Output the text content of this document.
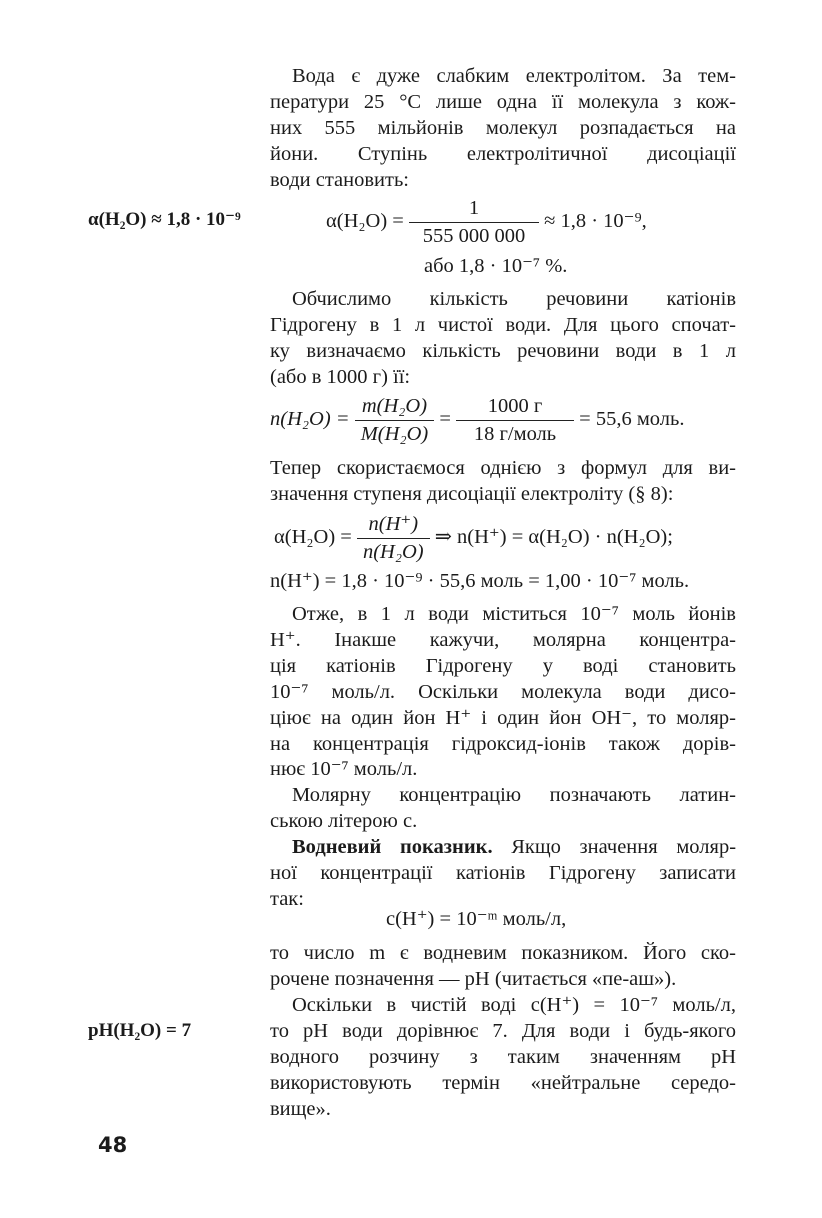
Вода є дуже слабким електролітом. За тем-
ператури 25 °С лише одна її молекула з кож-
них 555 мільйонів молекул розпадається на
йони. Ступінь електролітичної дисоціації
води становить:
α(H₂O) ≈ 1,8 · 10⁻⁹	$\alpha(H_2O) = \frac{1}{555 000 000} \approx 1,8 \cdot 10^{-9}$,
або 1,8 · 10⁻⁷ %.
Обчислимо кількість речовини катіонів
Гідрогену в 1 л чистої води. Для цього спочат-
ку визначаємо кількість речовини води в 1 л
(або в 1000 г) її:
$n(H_2O) = \frac{\text{m(H₂O)}}{\text{M(H₂O)}} = \frac{1000 г}{\text{18 г/моль}} = 55,6$ моль.
Тепер скористаємося однією з формул для ви-
значення ступеня дисоціації електроліту (§ 8):
$\alpha(H_2O) = \frac{n(H^+)}{\text{n(H₂O)}}$ ⇒ n(H⁺) = α(H₂O) · n(H₂O);
n(H⁺) = 1,8 · 10⁻⁹ · 55,6 моль = 1,00 · 10⁻⁷ моль.
Отже, в 1 л води міститься 10⁻⁷ моль йонів
H⁺. Інакше кажучи, молярна концентра-
ція катіонів Гідрогену у воді становить
10⁻⁷ моль/л. Оскільки молекула води дисо-
ціює на один йон H⁺ і один йон OH⁻, то моляр-
на концентрація гідроксид-іонів також дорів-
нює 10⁻⁷ моль/л.
Молярну концентрацію позначають латин-
ською літерою c.
Водневий показник. Якщо значення моляр-
ної концентрації катіонів Гідрогену записати
так:
c(H⁺) = 10⁻ᵐ моль/л,
то число m є водневим показником. Його ско-
рочене позначення — pH (читається «пе-аш»).
Оскільки в чистій воді c(H⁺) = 10⁻⁷ моль/л,
то pH води дорівнює 7. Для води і будь-якого
водного розчину з таким значенням pH
використовують термін «нейтральне середо-
вище».
pH(H₂O) = 7
48
